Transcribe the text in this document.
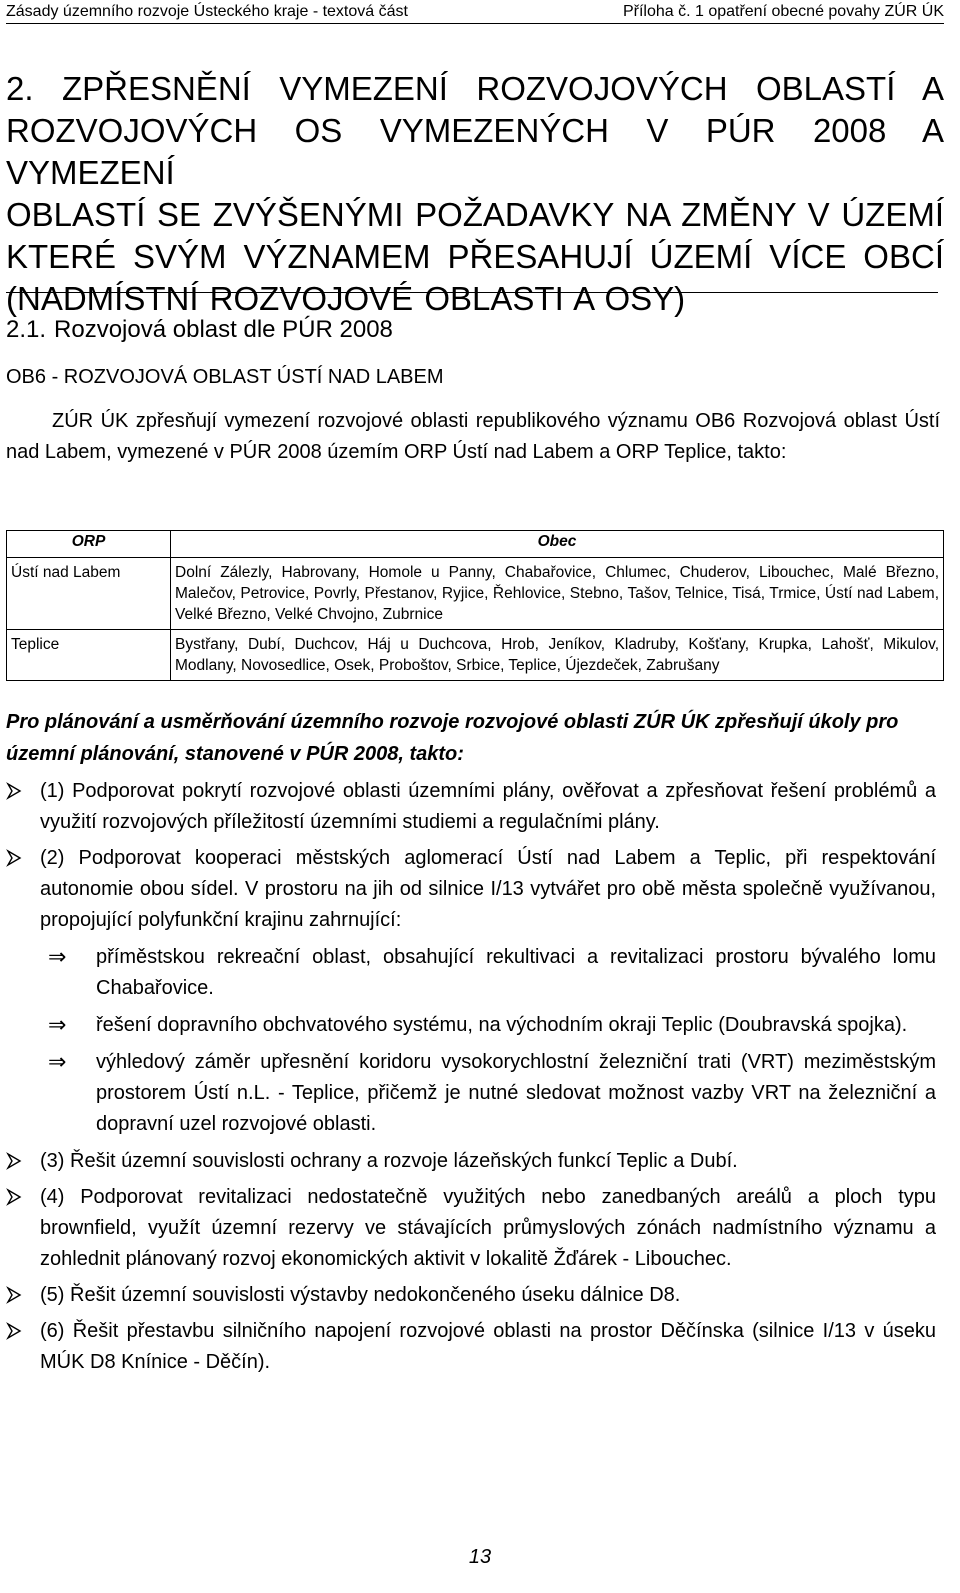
Zásady územního rozvoje Ústeckého kraje - textová část	Příloha č. 1 opatření obecné povahy ZÚR ÚK
2. ZPŘESNĚNÍ VYMEZENÍ ROZVOJOVÝCH OBLASTÍ A
ROZVOJOVÝCH OS VYMEZENÝCH V PÚR 2008 A VYMEZENÍ
OBLASTÍ SE ZVÝŠENÝMI POŽADAVKY NA ZMĚNY V ÚZEMÍ
KTERÉ SVÝM VÝZNAMEM PŘESAHUJÍ ÚZEMÍ VÍCE OBCÍ
(NADMÍSTNÍ ROZVOJOVÉ OBLASTI A OSY)
2.1. Rozvojová oblast dle PÚR 2008
OB6 - ROZVOJOVÁ OBLAST ÚSTÍ NAD LABEM

ZÚR ÚK zpřesňují vymezení rozvojové oblasti republikového významu OB6 Rozvojová oblast Ústí nad Labem, vymezené v PÚR 2008 územím ORP Ústí nad Labem a ORP Teplice, takto:

ORP	Obec
Ústí nad Labem	Dolní Zálezly, Habrovany, Homole u Panny, Chabařovice, Chlumec, Chuderov, Libouchec, Malé Březno, Malečov, Petrovice, Povrly, Přestanov, Ryjice, Řehlovice, Stebno, Tašov, Telnice, Tisá, Trmice, Ústí nad Labem, Velké Březno, Velké Chvojno, Zubrnice
Teplice	Bystřany, Dubí, Duchcov, Háj u Duchcova, Hrob, Jeníkov, Kladruby, Košťany, Krupka, Lahošť, Mikulov, Modlany, Novosedlice, Osek, Proboštov, Srbice, Teplice, Újezdeček, Zabrušany

Pro plánování a usměrňování územního rozvoje rozvojové oblasti ZÚR ÚK zpřesňují úkoly pro územní plánování, stanovené v PÚR 2008, takto:

(1) Podporovat pokrytí rozvojové oblasti územními plány, ověřovat a zpřesňovat řešení problémů a využití rozvojových příležitostí územními studiemi a regulačními plány.
(2) Podporovat kooperaci městských aglomerací Ústí nad Labem a Teplic, při respektování autonomie obou sídel. V prostoru na jih od silnice I/13 vytvářet pro obě města společně využívanou, propojující polyfunkční krajinu zahrnující:
⇒ příměstskou rekreační oblast, obsahující rekultivaci a revitalizaci prostoru bývalého lomu Chabařovice.
⇒ řešení dopravního obchvatového systému, na východním okraji Teplic (Doubravská spojka).
⇒ výhledový záměr upřesnění koridoru vysokorychlostní železniční trati (VRT) meziměstským prostorem Ústí n.L. - Teplice, přičemž je nutné sledovat možnost vazby VRT na železniční a dopravní uzel rozvojové oblasti.
(3) Řešit územní souvislosti ochrany a rozvoje lázeňských funkcí Teplic a Dubí.
(4) Podporovat revitalizaci nedostatečně využitých nebo zanedbaných areálů a ploch typu brownfield, využít územní rezervy ve stávajících průmyslových zónách nadmístního významu a zohlednit plánovaný rozvoj ekonomických aktivit v lokalitě Žďárek - Libouchec.
(5) Řešit územní souvislosti výstavby nedokončeného úseku dálnice D8.
(6) Řešit přestavbu silničního napojení rozvojové oblasti na prostor Děčínska (silnice I/13 v úseku MÚK D8 Knínice - Děčín).
13
